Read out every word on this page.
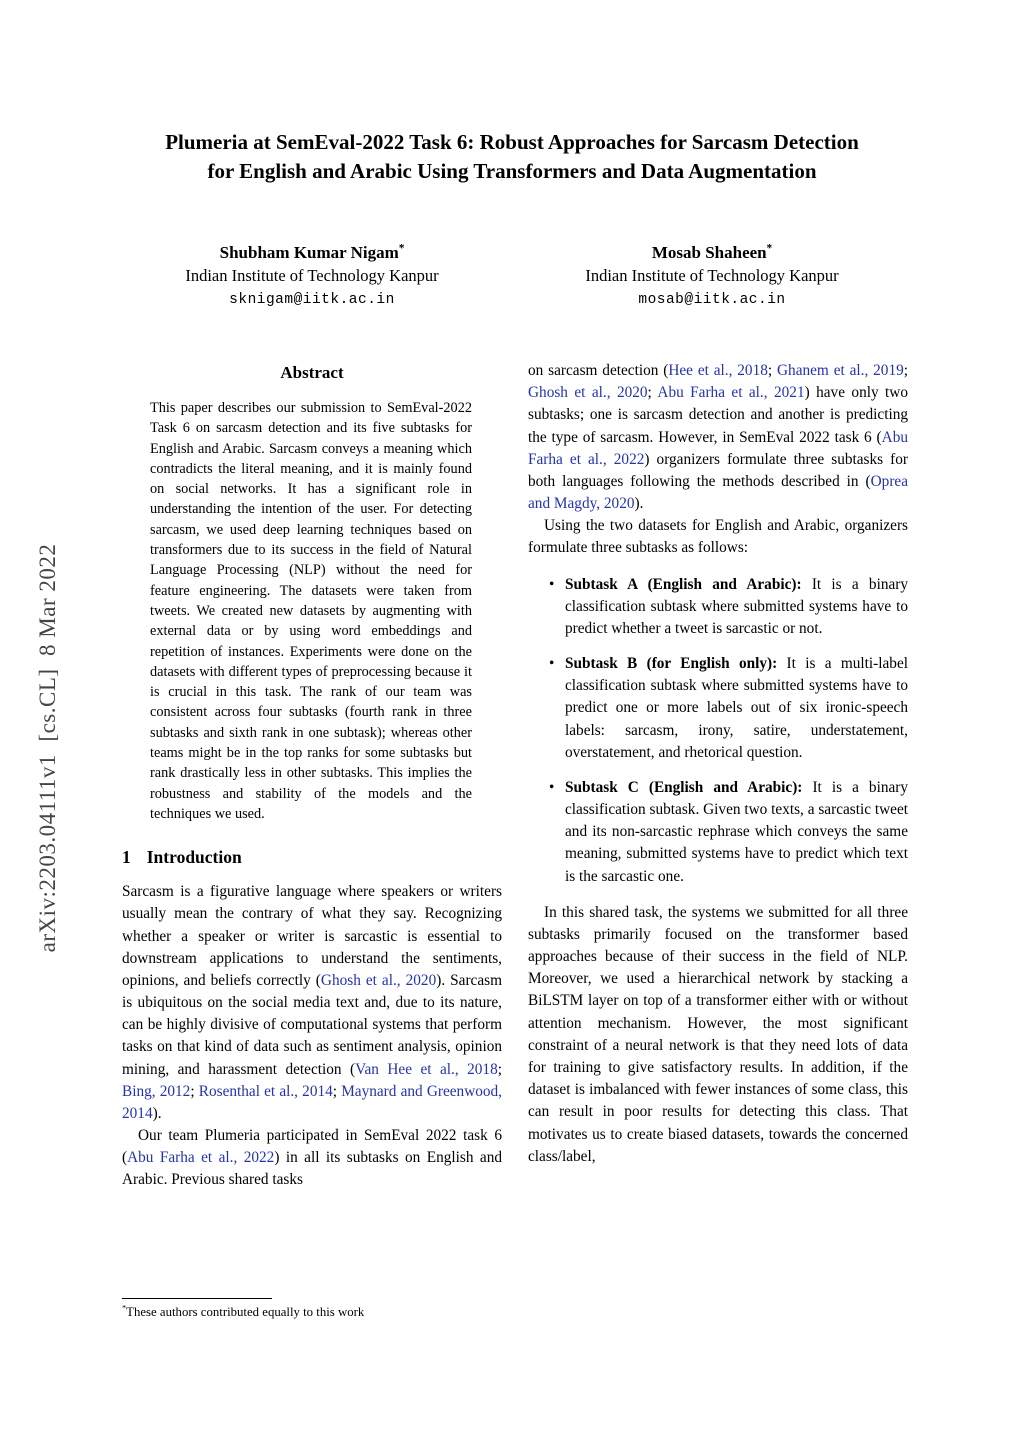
arXiv:2203.04111v1  [cs.CL]  8 Mar 2022
Plumeria at SemEval-2022 Task 6: Robust Approaches for Sarcasm Detection for English and Arabic Using Transformers and Data Augmentation
Shubham Kumar Nigam*
Indian Institute of Technology Kanpur
sknigam@iitk.ac.in
Mosab Shaheen*
Indian Institute of Technology Kanpur
mosab@iitk.ac.in
Abstract

This paper describes our submission to SemEval-2022 Task 6 on sarcasm detection and its five subtasks for English and Arabic. Sarcasm conveys a meaning which contradicts the literal meaning, and it is mainly found on social networks. It has a significant role in understanding the intention of the user. For detecting sarcasm, we used deep learning techniques based on transformers due to its success in the field of Natural Language Processing (NLP) without the need for feature engineering. The datasets were taken from tweets. We created new datasets by augmenting with external data or by using word embeddings and repetition of instances. Experiments were done on the datasets with different types of preprocessing because it is crucial in this task. The rank of our team was consistent across four subtasks (fourth rank in three subtasks and sixth rank in one subtask); whereas other teams might be in the top ranks for some subtasks but rank drastically less in other subtasks. This implies the robustness and stability of the models and the techniques we used.

1 Introduction

Sarcasm is a figurative language where speakers or writers usually mean the contrary of what they say. Recognizing whether a speaker or writer is sarcastic is essential to downstream applications to understand the sentiments, opinions, and beliefs correctly (Ghosh et al., 2020). Sarcasm is ubiquitous on the social media text and, due to its nature, can be highly divisive of computational systems that perform tasks on that kind of data such as sentiment analysis, opinion mining, and harassment detection (Van Hee et al., 2018; Bing, 2012; Rosenthal et al., 2014; Maynard and Greenwood, 2014).

Our team Plumeria participated in SemEval 2022 task 6 (Abu Farha et al., 2022) in all its subtasks on English and Arabic. Previous shared tasks

on sarcasm detection (Hee et al., 2018; Ghanem et al., 2019; Ghosh et al., 2020; Abu Farha et al., 2021) have only two subtasks; one is sarcasm detection and another is predicting the type of sarcasm. However, in SemEval 2022 task 6 (Abu Farha et al., 2022) organizers formulate three subtasks for both languages following the methods described in (Oprea and Magdy, 2020).

Using the two datasets for English and Arabic, organizers formulate three subtasks as follows:

• Subtask A (English and Arabic): It is a binary classification subtask where submitted systems have to predict whether a tweet is sarcastic or not.
• Subtask B (for English only): It is a multi-label classification subtask where submitted systems have to predict one or more labels out of six ironic-speech labels: sarcasm, irony, satire, understatement, overstatement, and rhetorical question.
• Subtask C (English and Arabic): It is a binary classification subtask. Given two texts, a sarcastic tweet and its non-sarcastic rephrase which conveys the same meaning, submitted systems have to predict which text is the sarcastic one.

In this shared task, the systems we submitted for all three subtasks primarily focused on the transformer based approaches because of their success in the field of NLP. Moreover, we used a hierarchical network by stacking a BiLSTM layer on top of a transformer either with or without attention mechanism. However, the most significant constraint of a neural network is that they need lots of data for training to give satisfactory results. In addition, if the dataset is imbalanced with fewer instances of some class, this can result in poor results for detecting this class. That motivates us to create biased datasets, towards the concerned class/label,

*These authors contributed equally to this work
